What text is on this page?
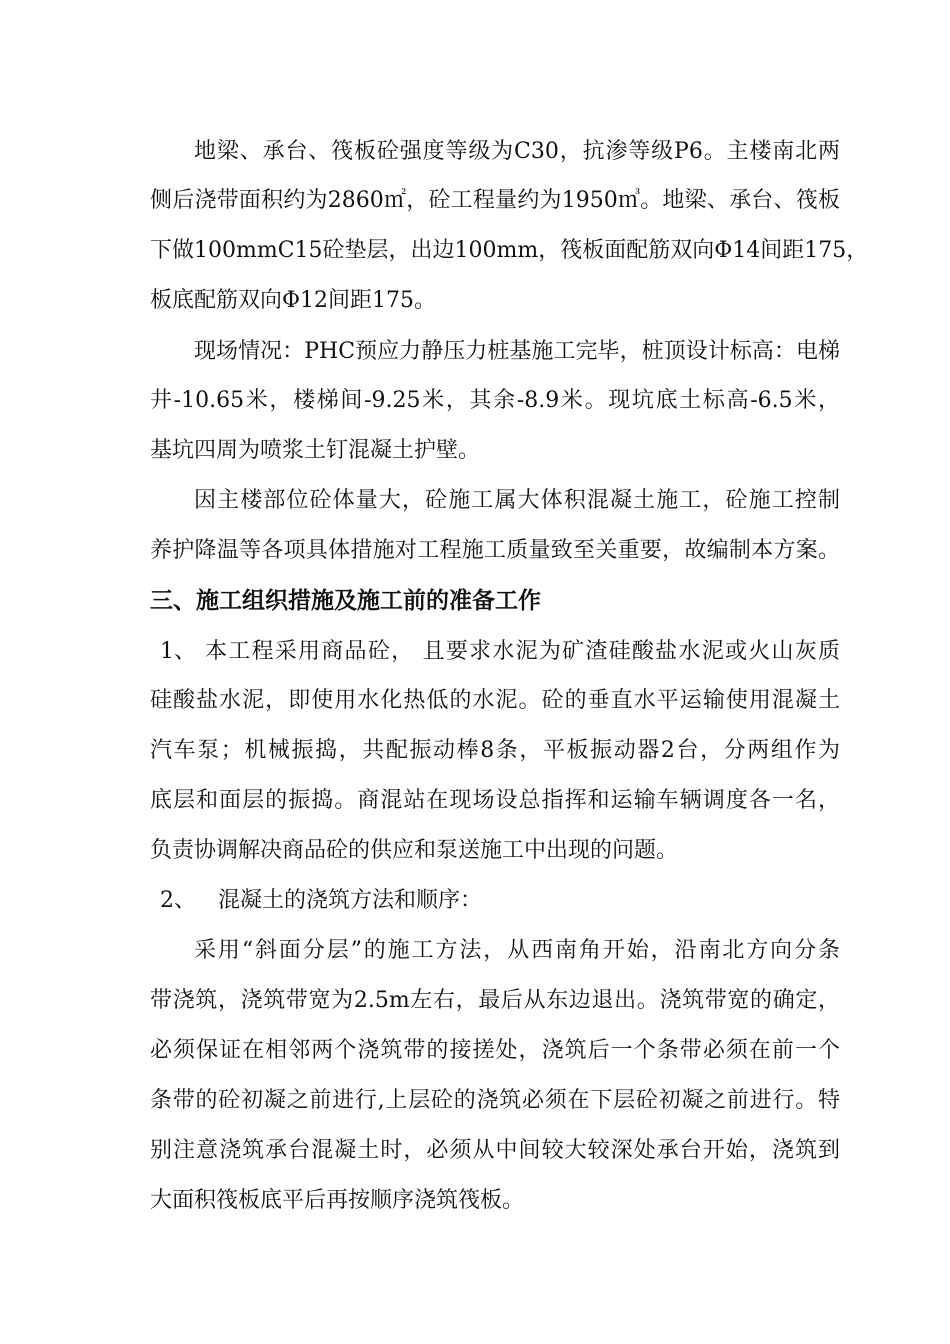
地梁、承台、筏板砼强度等级为C30，抗渗等级P6。主楼南北两
侧后浇带面积约为2860㎡，砼工程量约为1950㎥。地梁、承台、筏板
下做100mmC15砼垫层，出边100mm，筏板面配筋双向Φ14间距175，
板底配筋双向Φ12间距175。
现场情况：PHC预应力静压力桩基施工完毕，桩顶设计标高：电梯
井-10.65米，楼梯间-9.25米，其余-8.9米。现坑底土标高-6.5米，
基坑四周为喷浆土钉混凝土护壁。
因主楼部位砼体量大，砼施工属大体积混凝土施工，砼施工控制
养护降温等各项具体措施对工程施工质量致至关重要，故编制本方案。
三、施工组织措施及施工前的准备工作
1、 本工程采用商品砼， 且要求水泥为矿渣硅酸盐水泥或火山灰质
硅酸盐水泥，即使用水化热低的水泥。砼的垂直水平运输使用混凝土
汽车泵；机械振捣，共配振动棒8条，平板振动器2台，分两组作为
底层和面层的振捣。商混站在现场设总指挥和运输车辆调度各一名，
负责协调解决商品砼的供应和泵送施工中出现的问题。
2、	混凝土的浇筑方法和顺序：
采用“斜面分层”的施工方法，从西南角开始，沿南北方向分条
带浇筑，浇筑带宽为2.5m左右，最后从东边退出。浇筑带宽的确定，
必须保证在相邻两个浇筑带的接搓处，浇筑后一个条带必须在前一个
条带的砼初凝之前进行,上层砼的浇筑必须在下层砼初凝之前进行。特
别注意浇筑承台混凝土时，必须从中间较大较深处承台开始，浇筑到
大面积筏板底平后再按顺序浇筑筏板。
